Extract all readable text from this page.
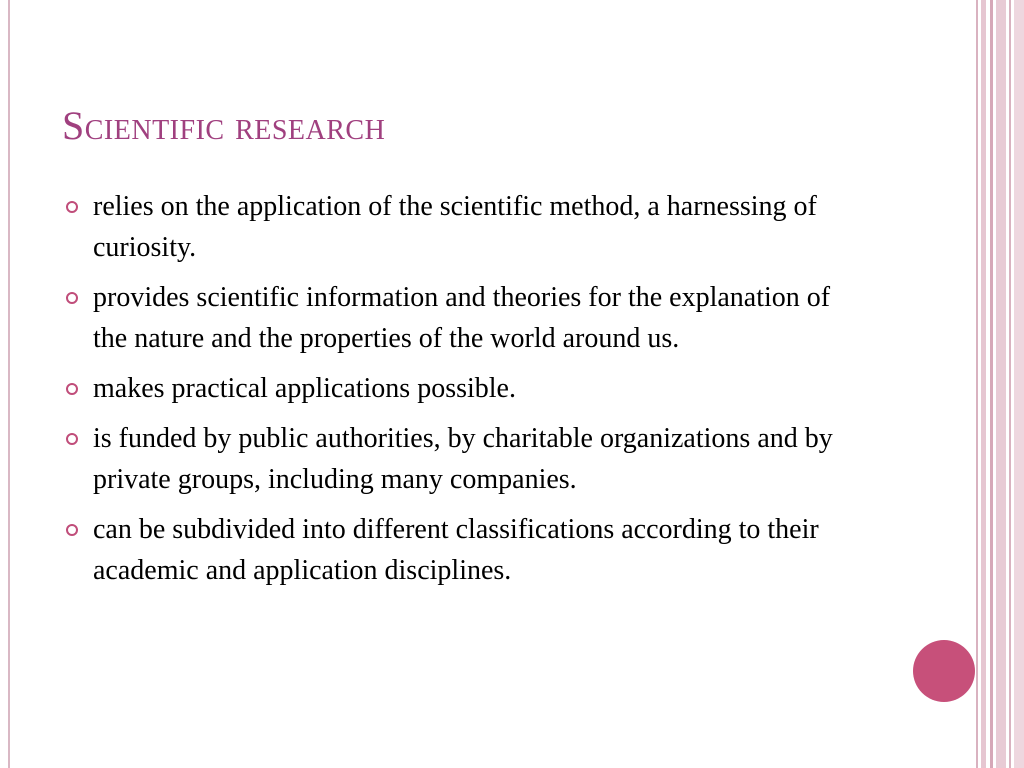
Scientific research
relies on the application of the scientific method, a harnessing of curiosity.
provides scientific information and theories for the explanation of the nature and the properties of the world around us.
makes practical applications possible.
is funded by public authorities, by charitable organizations and by private groups, including many companies.
can be subdivided into different classifications according to their academic and application disciplines.
